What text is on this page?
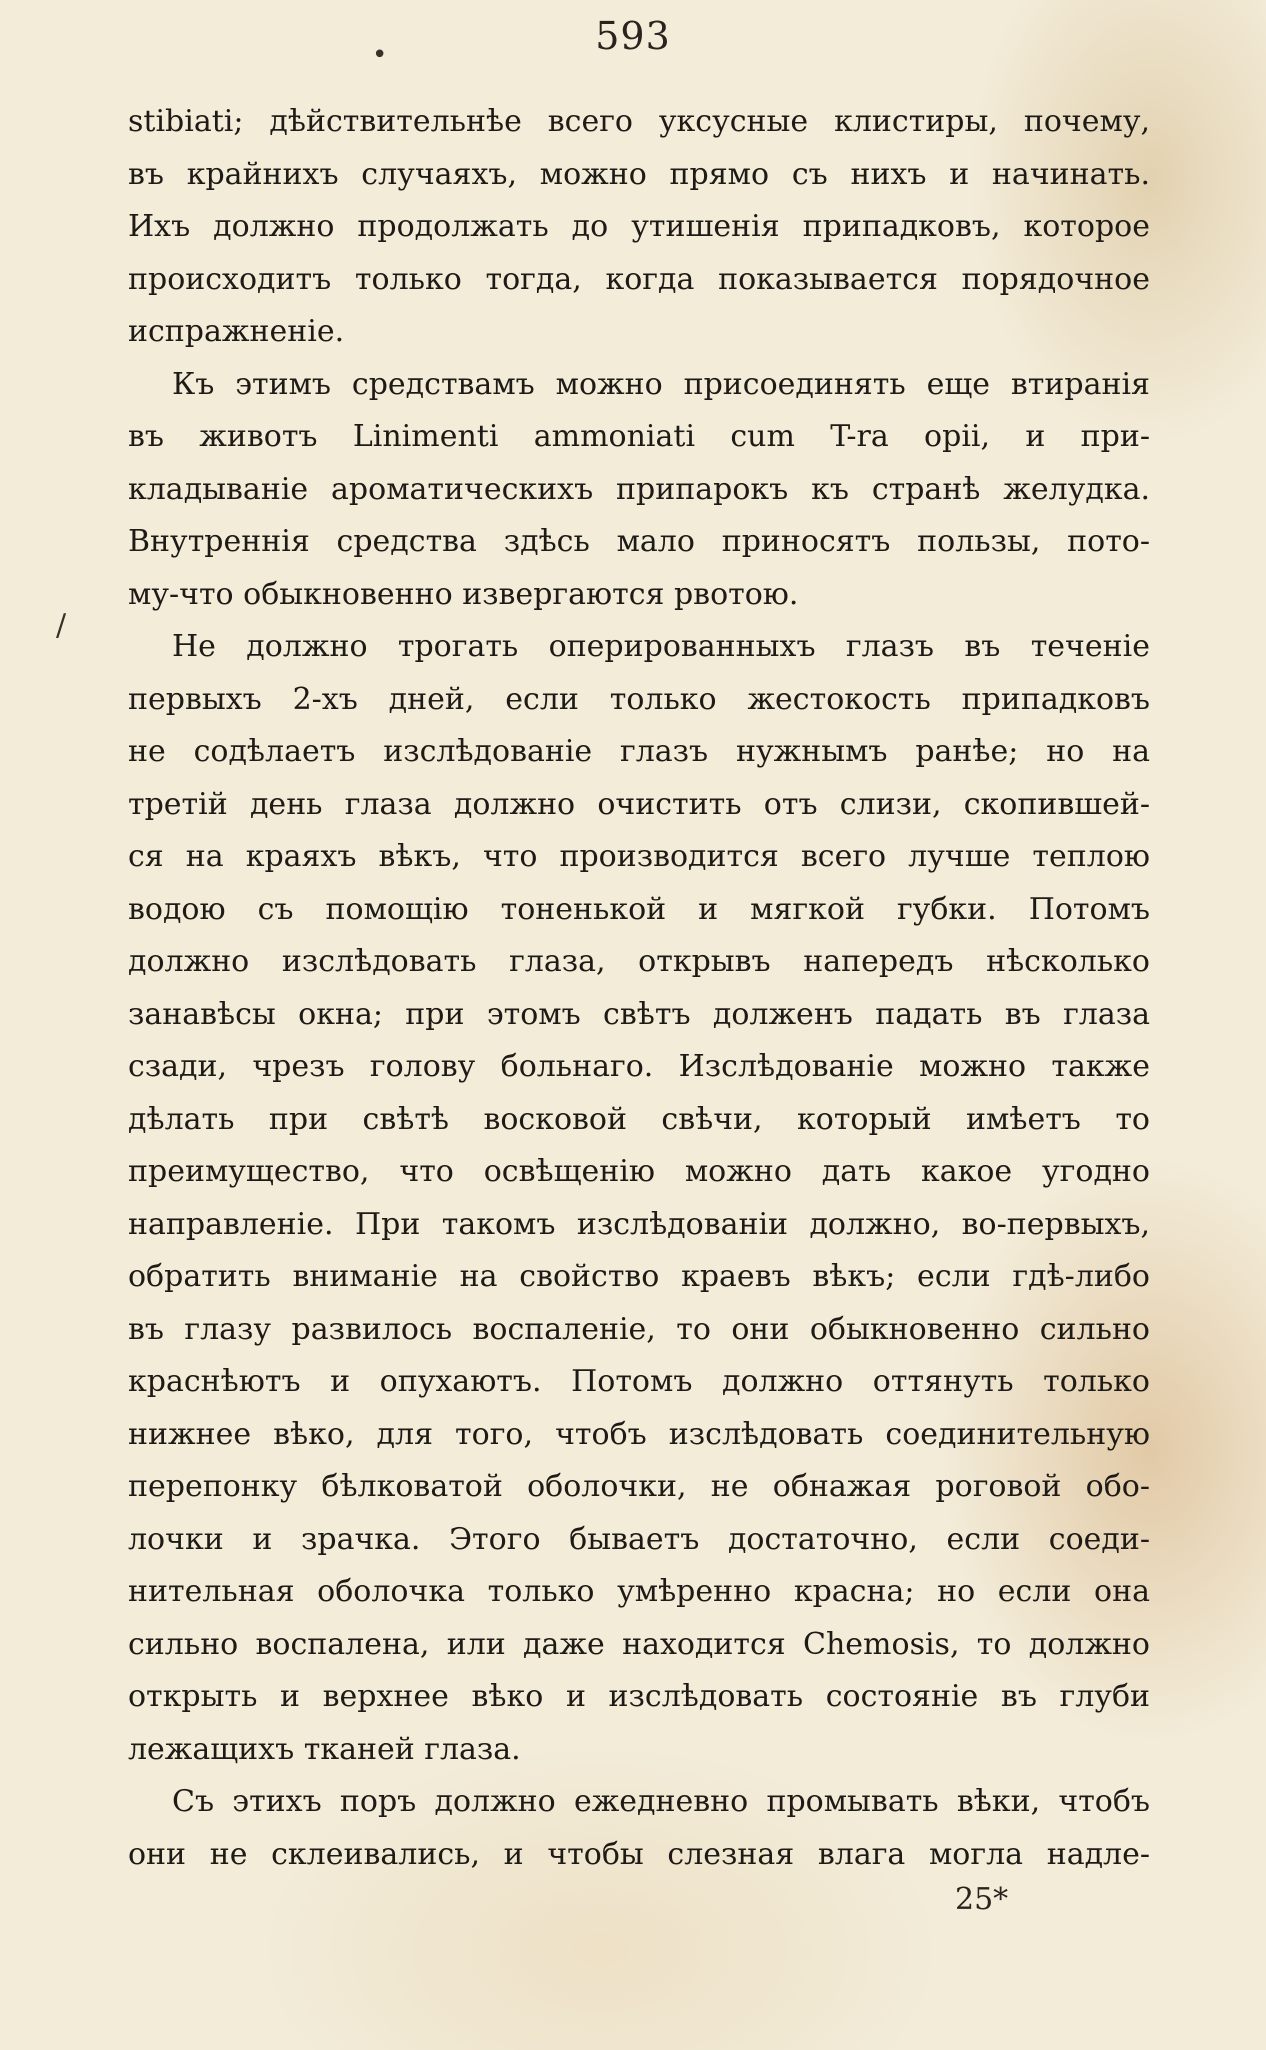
593
•
/
stibiati; дѣйствительнѣе всего уксусные клистиры, почему,
въ крайнихъ случаяхъ, можно прямо съ нихъ и начинать.
Ихъ должно продолжать до утишенія припадковъ, которое
происходитъ только тогда, когда показывается порядочное
испражненіе.
Къ этимъ средствамъ можно присоединять еще втиранія
въ животъ Linimenti ammoniati cum T-ra opii, и при-
кладываніе ароматическихъ припарокъ къ странѣ желудка.
Внутреннія средства здѣсь мало приносятъ пользы, пото-
му-что обыкновенно извергаются рвотою.
Не должно трогать оперированныхъ глазъ въ теченіе
первыхъ 2-хъ дней, если только жестокость припадковъ
не содѣлаетъ изслѣдованіе глазъ нужнымъ ранѣе; но на
третій день глаза должно очистить отъ слизи, скопившей-
ся на краяхъ вѣкъ, что производится всего лучше теплою
водою съ помощію тоненькой и мягкой губки. Потомъ
должно изслѣдовать глаза, открывъ напередъ нѣсколько
занавѣсы окна; при этомъ свѣтъ долженъ падать въ глаза
сзади, чрезъ голову больнаго. Изслѣдованіе можно также
дѣлать при свѣтѣ восковой свѣчи, который имѣетъ то
преимущество, что освѣщенію можно дать какое угодно
направленіе. При такомъ изслѣдованіи должно, во-первыхъ,
обратить вниманіе на свойство краевъ вѣкъ; если гдѣ-либо
въ глазу развилось воспаленіе, то они обыкновенно сильно
краснѣютъ и опухаютъ. Потомъ должно оттянуть только
нижнее вѣко, для того, чтобъ изслѣдовать соединительную
перепонку бѣлковатой оболочки, не обнажая роговой обо-
лочки и зрачка. Этого бываетъ достаточно, если соеди-
нительная оболочка только умѣренно красна; но если она
сильно воспалена, или даже находится Chemosis, то должно
открыть и верхнее вѣко и изслѣдовать состояніе въ глуби
лежащихъ тканей глаза.
Съ этихъ поръ должно ежедневно промывать вѣки, чтобъ
они не склеивались, и чтобы слезная влага могла надле-
25*
